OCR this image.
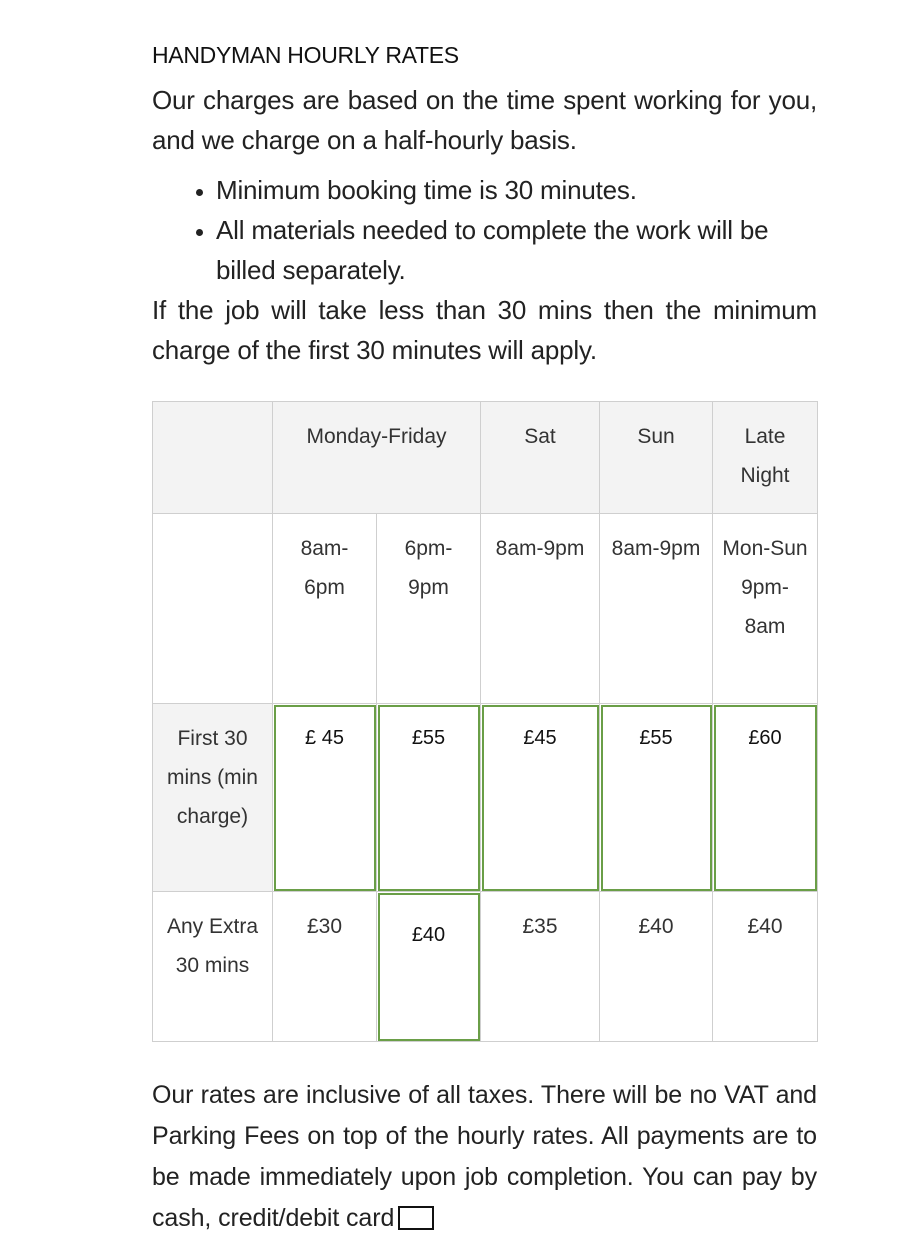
HANDYMAN HOURLY RATES

Our charges are based on the time spent working for you, and we charge on a half-hourly basis.

• Minimum booking time is 30 minutes.
• All materials needed to complete the work will be billed separately.

If the job will take less than 30 mins then the minimum charge of the first 30 minutes will apply.

	Monday-Friday		Sat	Sun	Late Night
	8am-6pm	6pm-9pm	8am-9pm	8am-9pm	Mon-Sun 9pm-8am
First 30 mins (min charge)	£ 45	£55	£45	£55	£60
Any Extra 30 mins	£30	£40	£35	£40	£40
Our rates are inclusive of all taxes. There will be no VAT and Parking Fees on top of the hourly rates. All payments are to be made immediately upon job completion. You can pay by cash, credit/debit card
